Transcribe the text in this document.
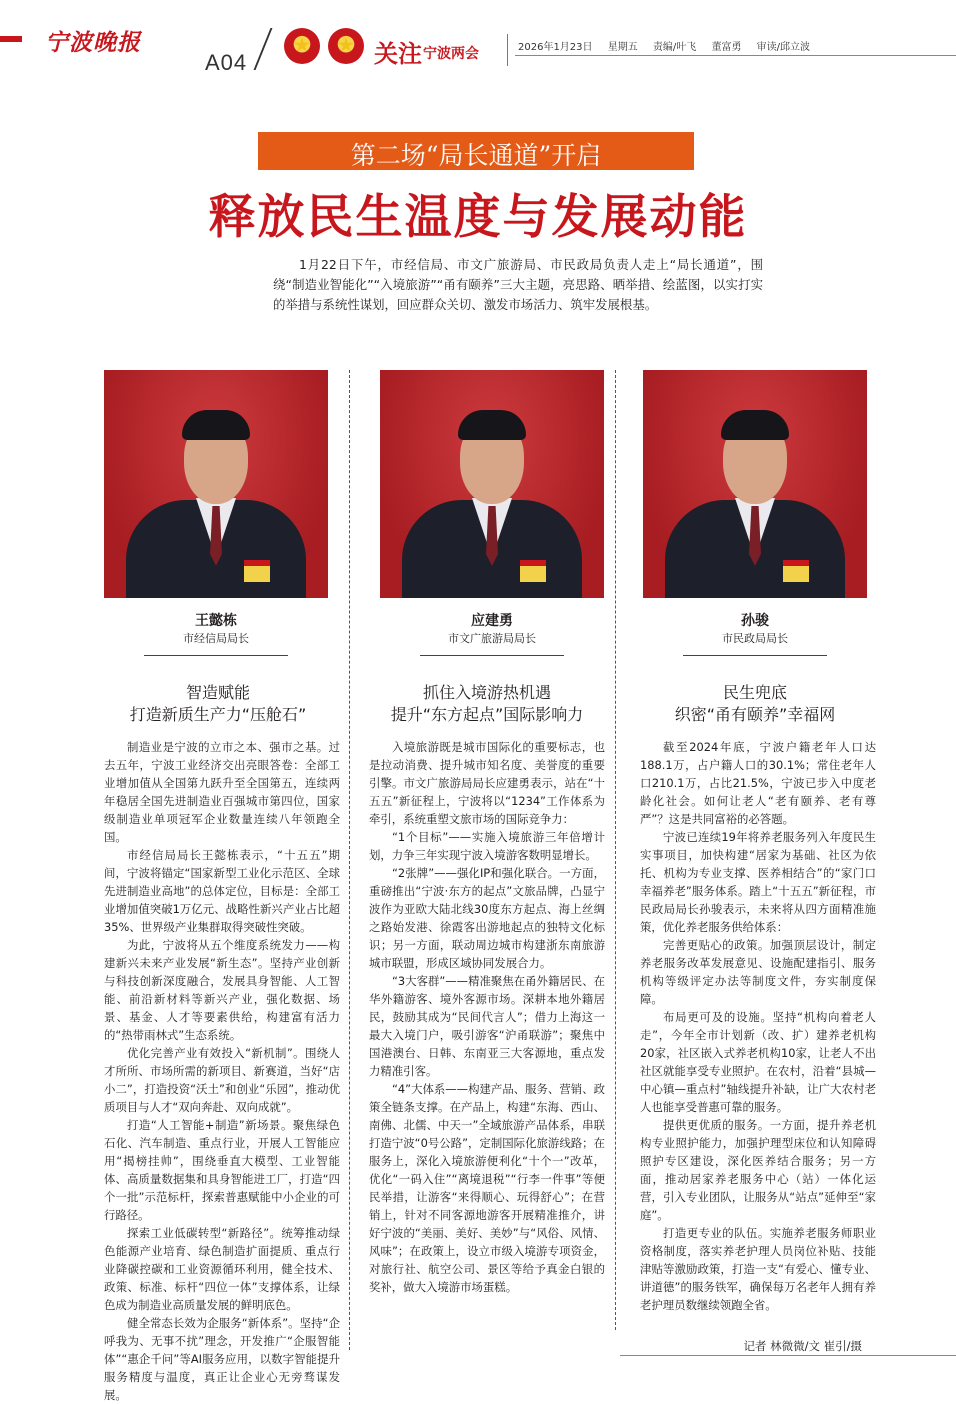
宁波晚报
A04	关注 宁波两会	2026年1月23日 星期五 责编/叶飞 董富勇 审读/邱立波
第二场“局长通道”开启
释放民生温度与发展动能
1月22日下午，市经信局、市文广旅游局、市民政局负责人走上“局长通道”，围绕“制造业智能化”“入境旅游”“甬有颐养”三大主题，亮思路、晒举措、绘蓝图，以实打实的举措与系统性谋划，回应群众关切、激发市场活力、筑牢发展根基。
王懿栋
市经信局局长
智造赋能
打造新质生产力“压舱石”

制造业是宁波的立市之本、强市之基。过去五年，宁波工业经济交出亮眼答卷：全部工业增加值从全国第九跃升至全国第五，连续两年稳居全国先进制造业百强城市第四位，国家级制造业单项冠军企业数量连续八年领跑全国。

市经信局局长王懿栋表示，“十五五”期间，宁波将锚定“国家新型工业化示范区、全球先进制造业高地”的总体定位，目标是：全部工业增加值突破1万亿元、战略性新兴产业占比超35%、世界级产业集群取得突破性突破。

为此，宁波将从五个维度系统发力——构建新兴未来产业发展“新生态”。坚持产业创新与科技创新深度融合，发展具身智能、人工智能、前沿新材料等新兴产业，强化数据、场景、基金、人才等要素供给，构建富有活力的“热带雨林式”生态系统。

优化完善产业有效投入“新机制”。围绕人才所所、市场所需的新项目、新赛道，当好“店小二”，打造投资“沃土”和创业“乐园”，推动优质项目与人才“双向奔赴、双向成就”。

打造“人工智能+制造”新场景。聚焦绿色石化、汽车制造、重点行业，开展人工智能应用“揭榜挂帅”，围绕垂直大模型、工业智能体、高质量数据集和具身智能进工厂，打造“四个一批”示范标杆，探索普惠赋能中小企业的可行路径。

探索工业低碳转型“新路径”。统筹推动绿色能源产业培育、绿色制造扩面提质、重点行业降碳控碳和工业资源循环利用，健全技术、政策、标准、标杆“四位一体”支撑体系，让绿色成为制造业高质量发展的鲜明底色。

健全常态长效为企服务“新体系”。坚持“企呼我为、无事不扰”理念，开发推广“企服智能体”“惠企千问”等AI服务应用，以数字智能提升服务精度与温度，真正让企业心无旁骛谋发展。

应建勇
市文广旅游局局长
抓住入境游热机遇
提升“东方起点”国际影响力

入境旅游既是城市国际化的重要标志，也是拉动消费、提升城市知名度、美誉度的重要引擎。市文广旅游局局长应建勇表示，站在“十五五”新征程上，宁波将以“1234”工作体系为牵引，系统重塑文旅市场的国际竞争力：

“1个目标”——实施入境旅游三年倍增计划，力争三年实现宁波入境游客数明显增长。

“2张牌”——强化IP和强化联合。一方面，重磅推出“宁波·东方的起点”文旅品牌，凸显宁波作为亚欧大陆北线30度东方起点、海上丝绸之路始发港、徐霞客出游地起点的独特文化标识；另一方面，联动周边城市构建浙东南旅游城市联盟，形成区域协同发展合力。

“3大客群”——精准聚焦在甬外籍居民、在华外籍游客、境外客源市场。深耕本地外籍居民，鼓励其成为“民间代言人”；借力上海这一最大入境门户，吸引游客“沪甬联游”；聚焦中国港澳台、日韩、东南亚三大客源地，重点发力精准引客。

“4”大体系——构建产品、服务、营销、政策全链条支撑。在产品上，构建“东海、西山、南佛、北儒、中天一”全域旅游产品体系，串联打造宁波“0号公路”，定制国际化旅游线路；在服务上，深化入境旅游便利化“十个一”改革，优化“一码入住”“离境退税”“行李一件事”等便民举措，让游客“来得顺心、玩得舒心”；在营销上，针对不同客源地游客开展精准推介，讲好宁波的“美丽、美好、美妙”与“风俗、风情、风味”；在政策上，设立市级入境游专项资金，对旅行社、航空公司、景区等给予真金白银的奖补，做大入境游市场蛋糕。

孙骏
市民政局局长
民生兜底
织密“甬有颐养”幸福网

截至2024年底，宁波户籍老年人口达188.1万，占户籍人口的30.1%；常住老年人口210.1万，占比21.5%，宁波已步入中度老龄化社会。如何让老人“老有颐养、老有尊严”？这是共同富裕的必答题。

宁波已连续19年将养老服务列入年度民生实事项目，加快构建“居家为基础、社区为依托、机构为专业支撑、医养相结合”的“家门口幸福养老”服务体系。踏上“十五五”新征程，市民政局局长孙骏表示，未来将从四方面精准施策，优化养老服务供给体系：

完善更贴心的政策。加强顶层设计，制定养老服务改革发展意见、设施配建指引、服务机构等级评定办法等制度文件，夯实制度保障。

布局更可及的设施。坚持“机构向着老人走”，今年全市计划新（改、扩）建养老机构20家，社区嵌入式养老机构10家，让老人不出社区就能享受专业照护。在农村，沿着“县城—中心镇—重点村”轴线提升补缺，让广大农村老人也能享受普惠可靠的服务。

提供更优质的服务。一方面，提升养老机构专业照护能力，加强护理型床位和认知障碍照护专区建设，深化医养结合服务；另一方面，推动居家养老服务中心（站）一体化运营，引入专业团队，让服务从“站点”延伸至“家庭”。

打造更专业的队伍。实施养老服务师职业资格制度，落实养老护理人员岗位补贴、技能津贴等激励政策，打造一支“有爱心、懂专业、讲道德”的服务铁军，确保每万名老年人拥有养老护理员数继续领跑全省。

记者 林微微/文 崔引/摄
